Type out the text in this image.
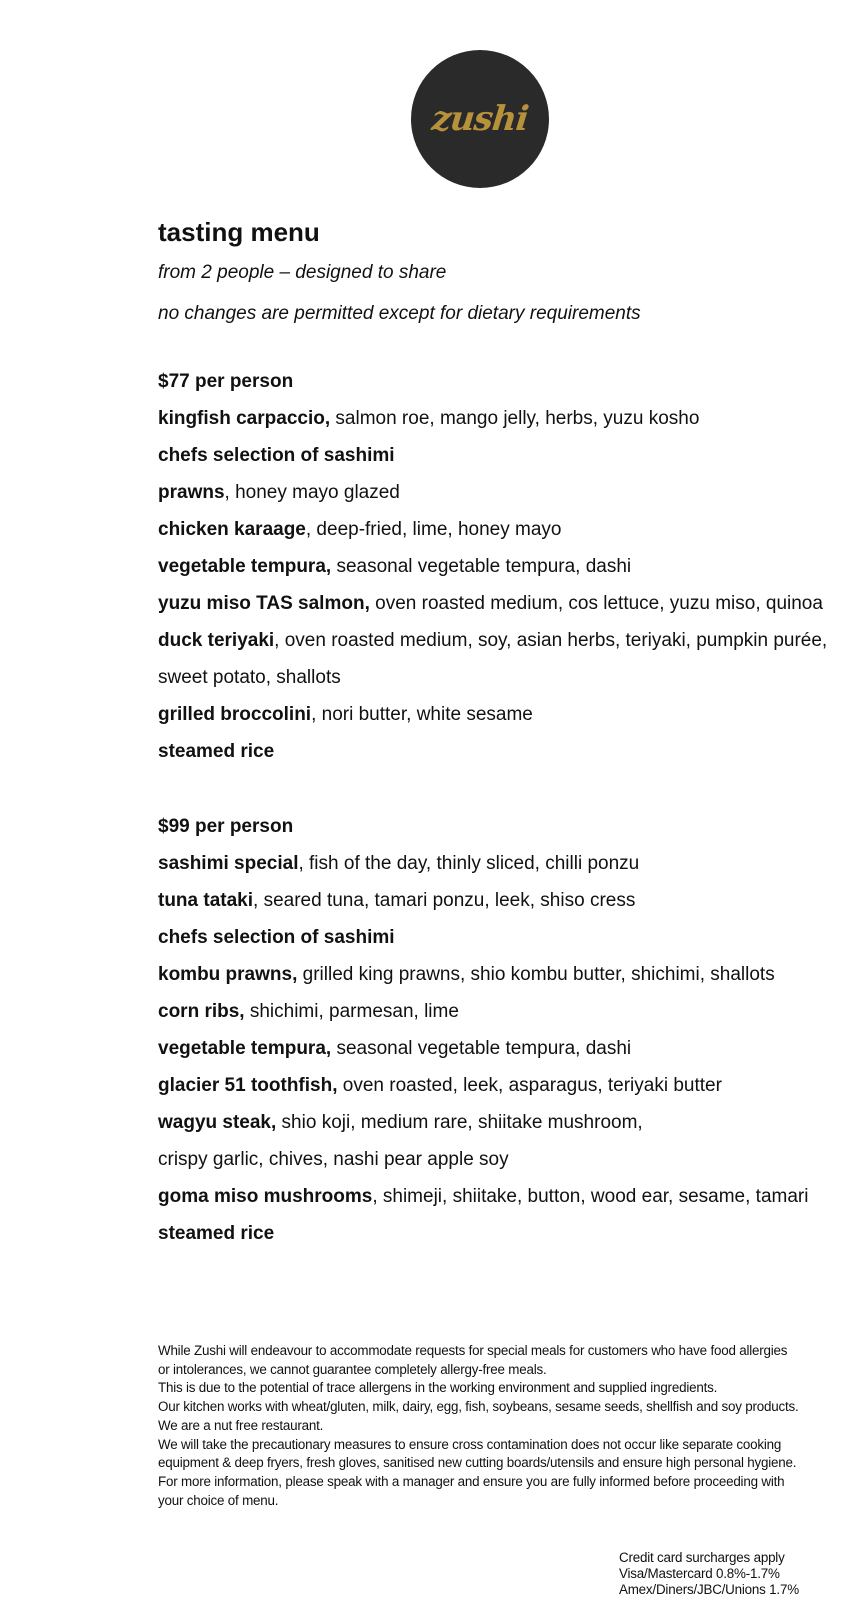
zushi
tasting menu

from 2 people – designed to share

no changes are permitted except for dietary requirements

$77 per person
kingfish carpaccio, salmon roe, mango jelly, herbs, yuzu kosho
chefs selection of sashimi
prawns, honey mayo glazed
chicken karaage, deep-fried, lime, honey mayo
vegetable tempura, seasonal vegetable tempura, dashi
yuzu miso TAS salmon, oven roasted medium, cos lettuce, yuzu miso, quinoa
duck teriyaki, oven roasted medium, soy, asian herbs, teriyaki, pumpkin purée,
sweet potato, shallots
grilled broccolini, nori butter, white sesame
steamed rice
$99 per person
sashimi special, fish of the day, thinly sliced, chilli ponzu
tuna tataki, seared tuna, tamari ponzu, leek, shiso cress
chefs selection of sashimi
kombu prawns, grilled king prawns, shio kombu butter, shichimi, shallots
corn ribs, shichimi, parmesan, lime
vegetable tempura, seasonal vegetable tempura, dashi
glacier 51 toothfish, oven roasted, leek, asparagus, teriyaki butter
wagyu steak, shio koji, medium rare, shiitake mushroom,
crispy garlic, chives, nashi pear apple soy
goma miso mushrooms, shimeji, shiitake, button, wood ear, sesame, tamari
steamed rice
While Zushi will endeavour to accommodate requests for special meals for customers who have food allergies
or intolerances, we cannot guarantee completely allergy-free meals.
This is due to the potential of trace allergens in the working environment and supplied ingredients.
Our kitchen works with wheat/gluten, milk, dairy, egg, fish, soybeans, sesame seeds, shellfish and soy products.
We are a nut free restaurant.
We will take the precautionary measures to ensure cross contamination does not occur like separate cooking
equipment & deep fryers, fresh gloves, sanitised new cutting boards/utensils and ensure high personal hygiene.
For more information, please speak with a manager and ensure you are fully informed before proceeding with
your choice of menu.
Credit card surcharges apply
Visa/Mastercard 0.8%-1.7%
Amex/Diners/JBC/Unions 1.7%
